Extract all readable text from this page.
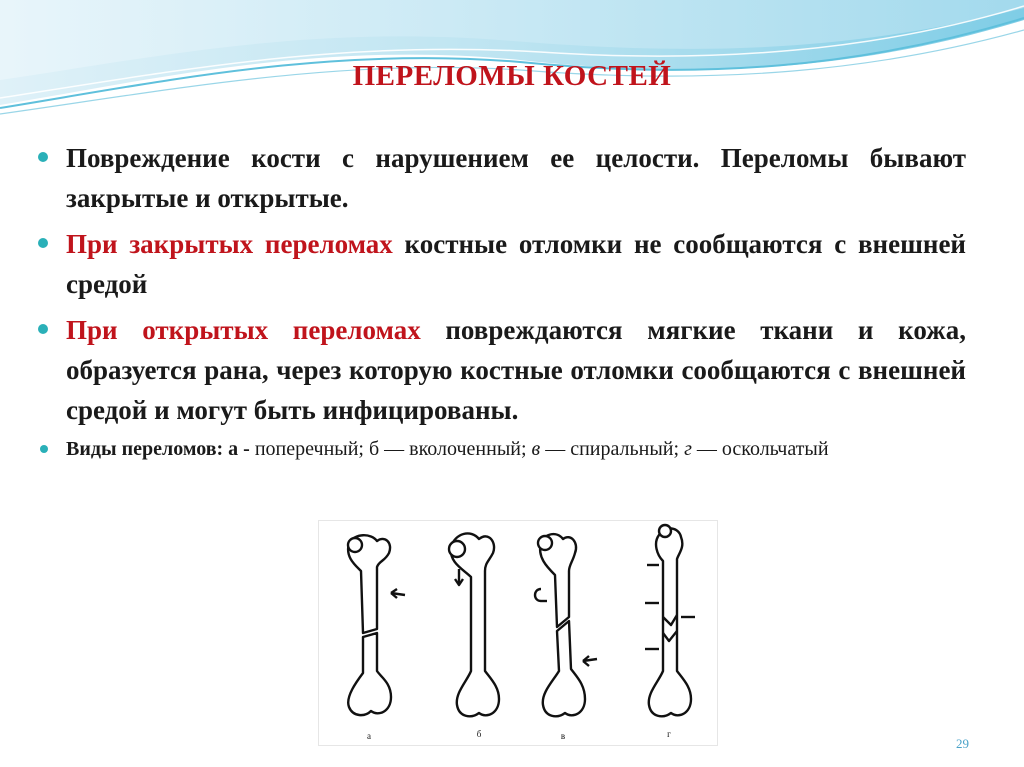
ПЕРЕЛОМЫ КОСТЕЙ
Повреждение кости с нарушением ее целости. Переломы бывают закрытые и открытые.
При закрытых переломах костные отломки не сообщаются с внешней средой
При открытых переломах повреждаются мягкие ткани и кожа, образуется рана, через которую костные отломки сообщаются с внешней средой и могут быть инфицированы.
Виды переломов: а - поперечный; б — вколоченный; в — спиральный; г — оскольчатый
а	б	в	г
29
